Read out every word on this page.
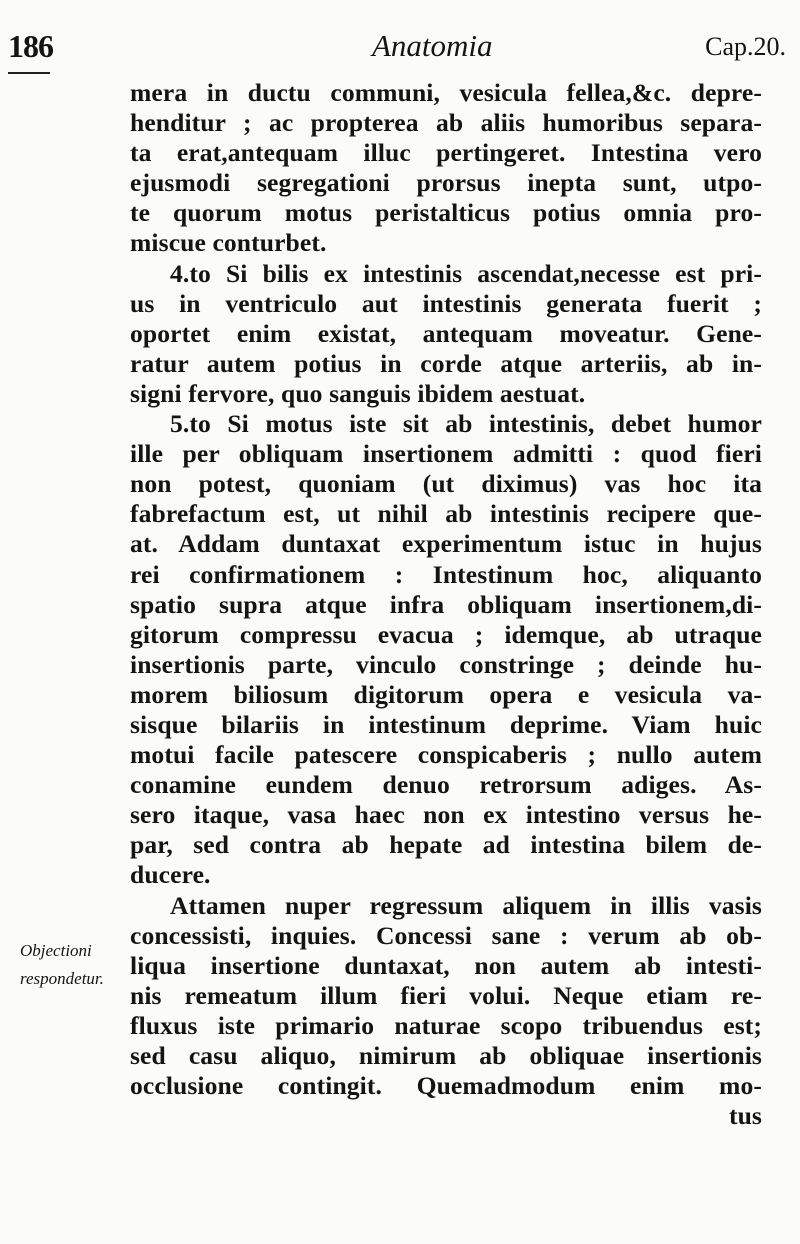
186	Anatomia	Cap.20.
Objectioni
respondetur.
mera in ductu communi, vesicula fellea,&c. depre-
henditur ; ac propterea ab aliis humoribus separa-
ta erat,antequam illuc pertingeret. Intestina vero
ejusmodi segregationi prorsus inepta sunt, utpo-
te quorum motus peristalticus potius omnia pro-
miscue conturbet.
4.to Si bilis ex intestinis ascendat,necesse est pri-
us in ventriculo aut intestinis generata fuerit ;
oportet enim existat, antequam moveatur. Gene-
ratur autem potius in corde atque arteriis, ab in-
signi fervore, quo sanguis ibidem aestuat.
5.to Si motus iste sit ab intestinis, debet humor
ille per obliquam insertionem admitti : quod fieri
non potest, quoniam (ut diximus) vas hoc ita
fabrefactum est, ut nihil ab intestinis recipere que-
at. Addam duntaxat experimentum istuc in hujus
rei confirmationem : Intestinum hoc, aliquanto
spatio supra atque infra obliquam insertionem,di-
gitorum compressu evacua ; idemque, ab utraque
insertionis parte, vinculo constringe ; deinde hu-
morem biliosum digitorum opera e vesicula va-
sisque bilariis in intestinum deprime. Viam huic
motui facile patescere conspicaberis ; nullo autem
conamine eundem denuo retrorsum adiges. As-
sero itaque, vasa haec non ex intestino versus he-
par, sed contra ab hepate ad intestina bilem de-
ducere.
Attamen nuper regressum aliquem in illis vasis
concessisti, inquies. Concessi sane : verum ab ob-
liqua insertione duntaxat, non autem ab intesti-
nis remeatum illum fieri volui. Neque etiam re-
fluxus iste primario naturae scopo tribuendus est;
sed casu aliquo, nimirum ab obliquae insertionis
occlusione contingit. Quemadmodum enim mo-
tus
